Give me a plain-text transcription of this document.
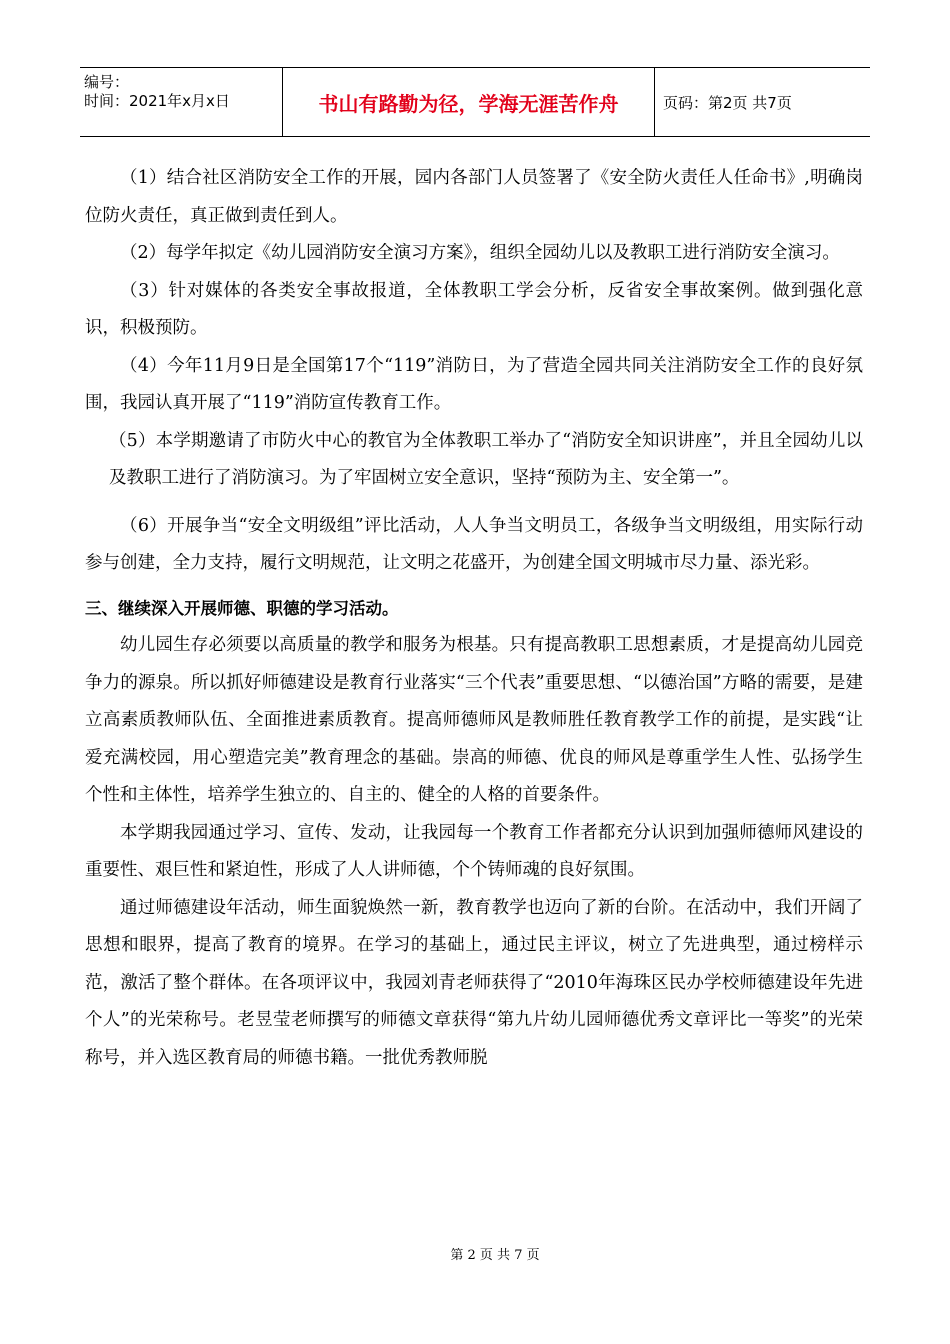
编号：
时间：2021年x月x日	书山有路勤为径，学海无涯苦作舟	页码：第2页 共7页

（1）结合社区消防安全工作的开展，园内各部门人员签署了《安全防火责任人任命书》,明确岗位防火责任，真正做到责任到人。

（2）每学年拟定《幼儿园消防安全演习方案》，组织全园幼儿以及教职工进行消防安全演习。

（3）针对媒体的各类安全事故报道，全体教职工学会分析，反省安全事故案例。做到强化意识，积极预防。

（4）今年11月9日是全国第17个“119”消防日，为了营造全园共同关注消防安全工作的良好氛围，我园认真开展了“119”消防宣传教育工作。

（5）本学期邀请了市防火中心的教官为全体教职工举办了“消防安全知识讲座”，并且全园幼儿以及教职工进行了消防演习。为了牢固树立安全意识，坚持“预防为主、安全第一”。

（6）开展争当“安全文明级组”评比活动，人人争当文明员工，各级争当文明级组，用实际行动参与创建，全力支持，履行文明规范，让文明之花盛开，为创建全国文明城市尽力量、添光彩。

三、继续深入开展师德、职德的学习活动。

幼儿园生存必须要以高质量的教学和服务为根基。只有提高教职工思想素质，才是提高幼儿园竞争力的源泉。所以抓好师德建设是教育行业落实“三个代表”重要思想、“以德治国”方略的需要，是建立高素质教师队伍、全面推进素质教育。提高师德师风是教师胜任教育教学工作的前提，是实践“让爱充满校园，用心塑造完美”教育理念的基础。崇高的师德、优良的师风是尊重学生人性、弘扬学生个性和主体性，培养学生独立的、自主的、健全的人格的首要条件。

本学期我园通过学习、宣传、发动，让我园每一个教育工作者都充分认识到加强师德师风建设的重要性、艰巨性和紧迫性，形成了人人讲师德，个个铸师魂的良好氛围。

通过师德建设年活动，师生面貌焕然一新，教育教学也迈向了新的台阶。在活动中，我们开阔了思想和眼界，提高了教育的境界。在学习的基础上，通过民主评议，树立了先进典型，通过榜样示范，激活了整个群体。在各项评议中，我园刘青老师获得了“2010年海珠区民办学校师德建设年先进个人”的光荣称号。老昱莹老师撰写的师德文章获得“第九片幼儿园师德优秀文章评比一等奖”的光荣称号，并入选区教育局的师德书籍。一批优秀教师脱

第 2 页 共 7 页
